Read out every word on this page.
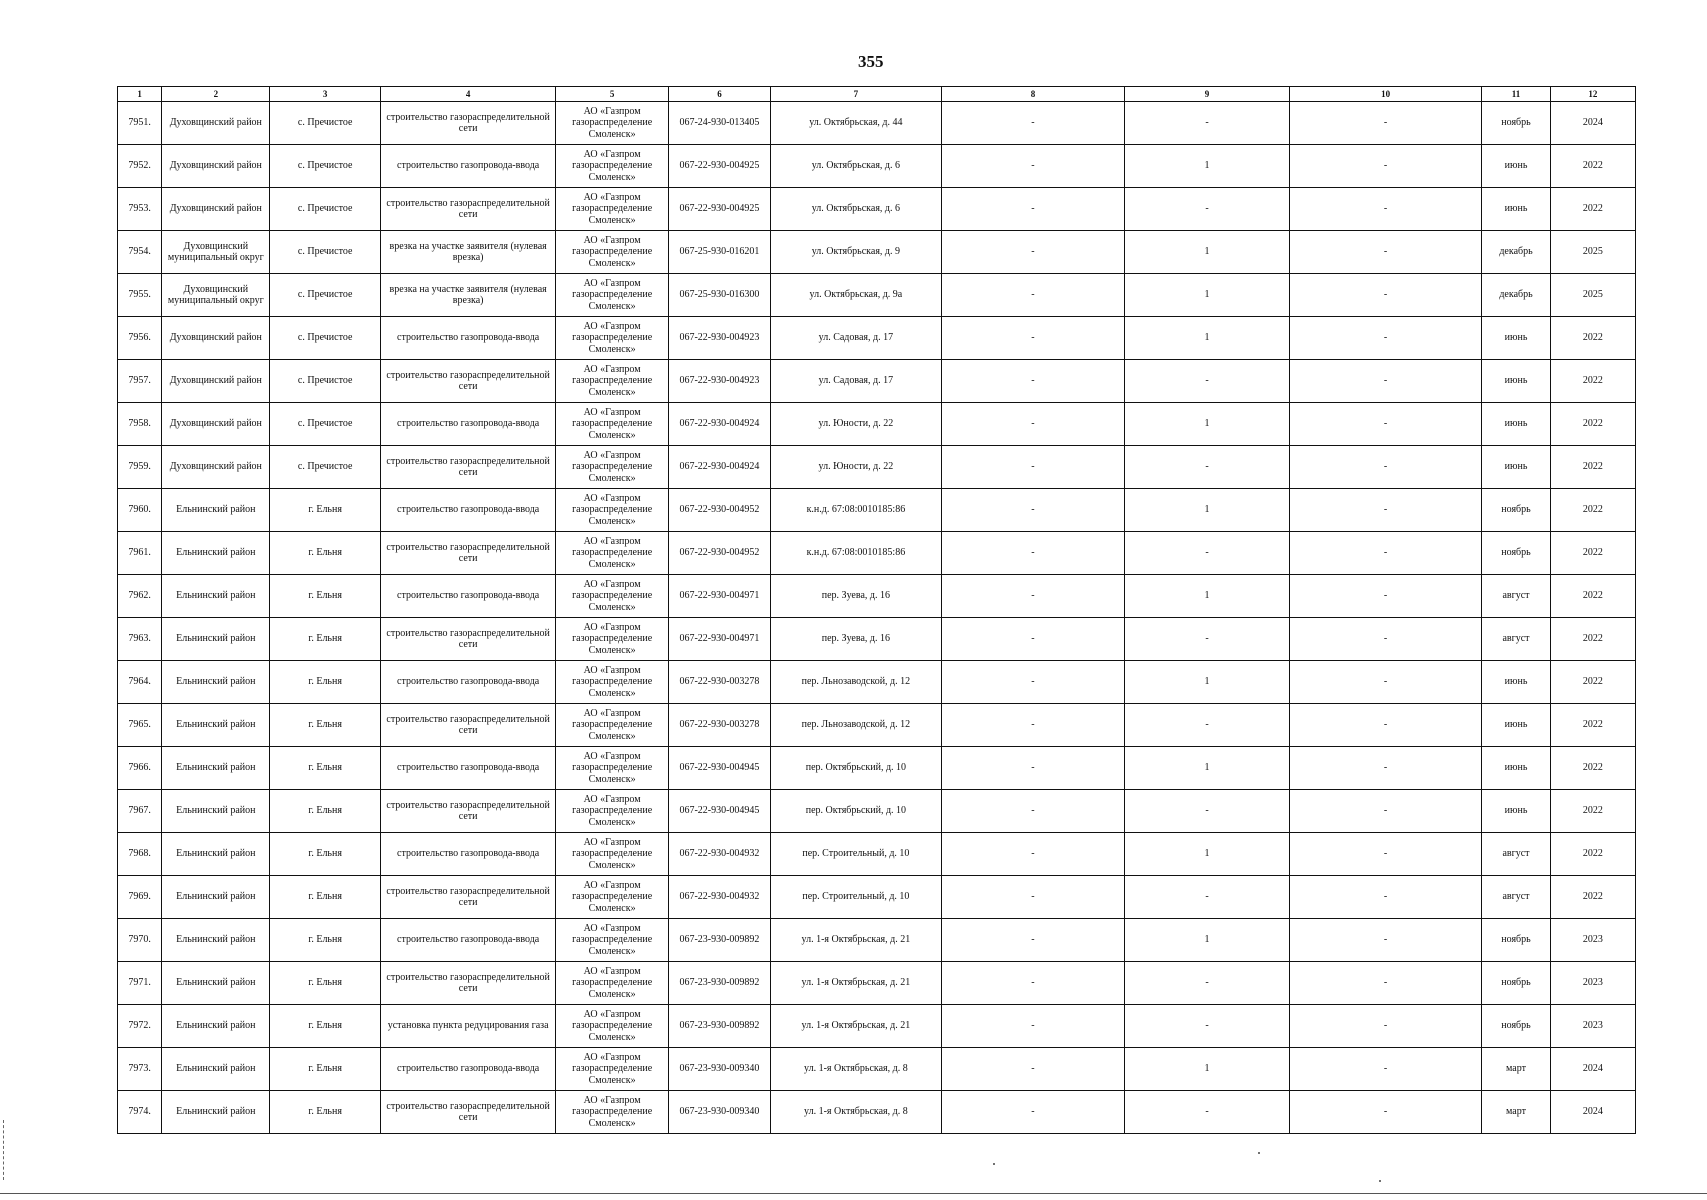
355
1	2	3	4	5	6	7	8	9	10	11	12
7951.	Духовщинский район	с. Пречистое	строительство газораспределительной сети	АО «Газпром газораспределение Смоленск»	067-24-930-013405	ул. Октябрьская, д. 44	-	-	-	ноябрь	2024
7952.	Духовщинский район	с. Пречистое	строительство газопровода-ввода	АО «Газпром газораспределение Смоленск»	067-22-930-004925	ул. Октябрьская, д. 6	-	1	-	июнь	2022
7953.	Духовщинский район	с. Пречистое	строительство газораспределительной сети	АО «Газпром газораспределение Смоленск»	067-22-930-004925	ул. Октябрьская, д. 6	-	-	-	июнь	2022
7954.	Духовщинский муниципальный округ	с. Пречистое	врезка на участке заявителя (нулевая врезка)	АО «Газпром газораспределение Смоленск»	067-25-930-016201	ул. Октябрьская, д. 9	-	1	-	декабрь	2025
7955.	Духовщинский муниципальный округ	с. Пречистое	врезка на участке заявителя (нулевая врезка)	АО «Газпром газораспределение Смоленск»	067-25-930-016300	ул. Октябрьская, д. 9а	-	1	-	декабрь	2025
7956.	Духовщинский район	с. Пречистое	строительство газопровода-ввода	АО «Газпром газораспределение Смоленск»	067-22-930-004923	ул. Садовая, д. 17	-	1	-	июнь	2022
7957.	Духовщинский район	с. Пречистое	строительство газораспределительной сети	АО «Газпром газораспределение Смоленск»	067-22-930-004923	ул. Садовая, д. 17	-	-	-	июнь	2022
7958.	Духовщинский район	с. Пречистое	строительство газопровода-ввода	АО «Газпром газораспределение Смоленск»	067-22-930-004924	ул. Юности, д. 22	-	1	-	июнь	2022
7959.	Духовщинский район	с. Пречистое	строительство газораспределительной сети	АО «Газпром газораспределение Смоленск»	067-22-930-004924	ул. Юности, д. 22	-	-	-	июнь	2022
7960.	Ельнинский район	г. Ельня	строительство газопровода-ввода	АО «Газпром газораспределение Смоленск»	067-22-930-004952	к.н.д. 67:08:0010185:86	-	1	-	ноябрь	2022
7961.	Ельнинский район	г. Ельня	строительство газораспределительной сети	АО «Газпром газораспределение Смоленск»	067-22-930-004952	к.н.д. 67:08:0010185:86	-	-	-	ноябрь	2022
7962.	Ельнинский район	г. Ельня	строительство газопровода-ввода	АО «Газпром газораспределение Смоленск»	067-22-930-004971	пер. Зуева, д. 16	-	1	-	август	2022
7963.	Ельнинский район	г. Ельня	строительство газораспределительной сети	АО «Газпром газораспределение Смоленск»	067-22-930-004971	пер. Зуева, д. 16	-	-	-	август	2022
7964.	Ельнинский район	г. Ельня	строительство газопровода-ввода	АО «Газпром газораспределение Смоленск»	067-22-930-003278	пер. Льнозаводской, д. 12	-	1	-	июнь	2022
7965.	Ельнинский район	г. Ельня	строительство газораспределительной сети	АО «Газпром газораспределение Смоленск»	067-22-930-003278	пер. Льнозаводской, д. 12	-	-	-	июнь	2022
7966.	Ельнинский район	г. Ельня	строительство газопровода-ввода	АО «Газпром газораспределение Смоленск»	067-22-930-004945	пер. Октябрьский, д. 10	-	1	-	июнь	2022
7967.	Ельнинский район	г. Ельня	строительство газораспределительной сети	АО «Газпром газораспределение Смоленск»	067-22-930-004945	пер. Октябрьский, д. 10	-	-	-	июнь	2022
7968.	Ельнинский район	г. Ельня	строительство газопровода-ввода	АО «Газпром газораспределение Смоленск»	067-22-930-004932	пер. Строительный, д. 10	-	1	-	август	2022
7969.	Ельнинский район	г. Ельня	строительство газораспределительной сети	АО «Газпром газораспределение Смоленск»	067-22-930-004932	пер. Строительный, д. 10	-	-	-	август	2022
7970.	Ельнинский район	г. Ельня	строительство газопровода-ввода	АО «Газпром газораспределение Смоленск»	067-23-930-009892	ул. 1-я Октябрьская, д. 21	-	1	-	ноябрь	2023
7971.	Ельнинский район	г. Ельня	строительство газораспределительной сети	АО «Газпром газораспределение Смоленск»	067-23-930-009892	ул. 1-я Октябрьская, д. 21	-	-	-	ноябрь	2023
7972.	Ельнинский район	г. Ельня	установка пункта редуцирования газа	АО «Газпром газораспределение Смоленск»	067-23-930-009892	ул. 1-я Октябрьская, д. 21	-	-	-	ноябрь	2023
7973.	Ельнинский район	г. Ельня	строительство газопровода-ввода	АО «Газпром газораспределение Смоленск»	067-23-930-009340	ул. 1-я Октябрьская, д. 8	-	1	-	март	2024
7974.	Ельнинский район	г. Ельня	строительство газораспределительной сети	АО «Газпром газораспределение Смоленск»	067-23-930-009340	ул. 1-я Октябрьская, д. 8	-	-	-	март	2024
